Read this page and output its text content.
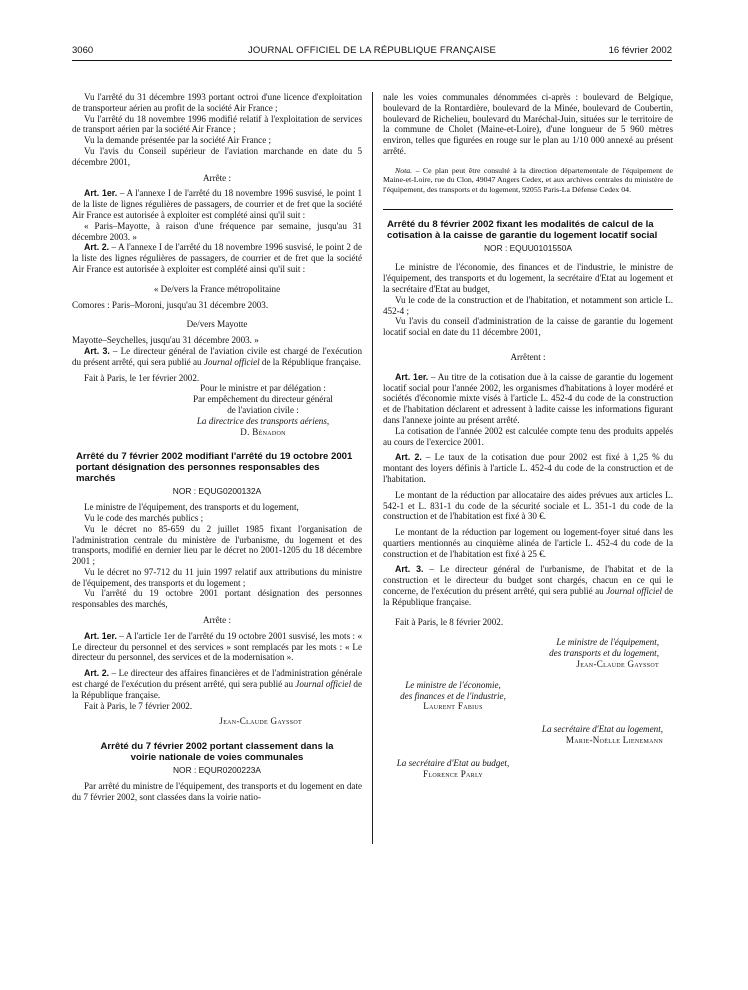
3060	JOURNAL OFFICIEL DE LA RÉPUBLIQUE FRANÇAISE	16 février 2002

Vu l'arrêté du 31 décembre 1993 portant octroi d'une licence d'exploitation de transporteur aérien au profit de la société Air France ;

Vu l'arrêté du 18 novembre 1996 modifié relatif à l'exploitation de services de transport aérien par la société Air France ;

Vu la demande présentée par la société Air France ;

Vu l'avis du Conseil supérieur de l'aviation marchande en date du 5 décembre 2001,

Arrête :

Art. 1er. – A l'annexe I de l'arrêté du 18 novembre 1996 susvisé, le point 1 de la liste de lignes régulières de passagers, de courrier et de fret que la société Air France est autorisée à exploiter est complété ainsi qu'il suit :

« Paris–Mayotte, à raison d'une fréquence par semaine, jusqu'au 31 décembre 2003. »

Art. 2. – A l'annexe I de l'arrêté du 18 novembre 1996 susvisé, le point 2 de la liste des lignes régulières de passagers, de courrier et de fret que la société Air France est autorisée à exploiter est complété ainsi qu'il suit :

« De/vers la France métropolitaine

Comores : Paris–Moroni, jusqu'au 31 décembre 2003.

De/vers Mayotte

Mayotte–Seychelles, jusqu'au 31 décembre 2003. »

Art. 3. – Le directeur général de l'aviation civile est chargé de l'exécution du présent arrêté, qui sera publié au Journal officiel de la République française.

Fait à Paris, le 1er février 2002.

Pour le ministre et par délégation :

Par empêchement du directeur général

de l'aviation civile :

La directrice des transports aériens,

D. Bénadon

Arrêté du 7 février 2002 modifiant l'arrêté du 19 octobre 2001 portant désignation des personnes responsables des marchés

NOR : EQUG0200132A

Le ministre de l'équipement, des transports et du logement,

Vu le code des marchés publics ;

Vu le décret no 85-659 du 2 juillet 1985 fixant l'organisation de l'administration centrale du ministère de l'urbanisme, du logement et des transports, modifié en dernier lieu par le décret no 2001-1205 du 18 décembre 2001 ;

Vu le décret no 97-712 du 11 juin 1997 relatif aux attributions du ministre de l'équipement, des transports et du logement ;

Vu l'arrêté du 19 octobre 2001 portant désignation des personnes responsables des marchés,

Arrête :

Art. 1er. – A l'article 1er de l'arrêté du 19 octobre 2001 susvisé, les mots : « Le directeur du personnel et des services » sont remplacés par les mots : « Le directeur du personnel, des services et de la modernisation ».

Art. 2. – Le directeur des affaires financières et de l'administration générale est chargé de l'exécution du présent arrêté, qui sera publié au Journal officiel de la République française.

Fait à Paris, le 7 février 2002.

Jean-Claude Gayssot

Arrêté du 7 février 2002 portant classement dans la voirie nationale de voies communales

NOR : EQUR0200223A

Par arrêté du ministre de l'équipement, des transports et du logement en date du 7 février 2002, sont classées dans la voirie natio-

nale les voies communales dénommées ci-après : boulevard de Belgique, boulevard de la Rontardière, boulevard de la Minée, boulevard de Coubertin, boulevard de Richelieu, boulevard du Maréchal-Juin, situées sur le territoire de la commune de Cholet (Maine-et-Loire), d'une longueur de 5 960 mètres environ, telles que figurées en rouge sur le plan au 1/10 000 annexé au présent arrêté.

Nota. – Ce plan peut être consulté à la direction départementale de l'équipement de Maine-et-Loire, rue du Clon, 49047 Angers Cedex, et aux archives centrales du ministère de l'équipement, des transports et du logement, 92055 Paris-La Défense Cedex 04.

Arrêté du 8 février 2002 fixant les modalités de calcul de la cotisation à la caisse de garantie du logement locatif social

NOR : EQUU0101550A

Le ministre de l'économie, des finances et de l'industrie, le ministre de l'équipement, des transports et du logement, la secrétaire d'Etat au logement et la secrétaire d'Etat au budget,

Vu le code de la construction et de l'habitation, et notamment son article L. 452-4 ;

Vu l'avis du conseil d'administration de la caisse de garantie du logement locatif social en date du 11 décembre 2001,

Arrêtent :

Art. 1er. – Au titre de la cotisation due à la caisse de garantie du logement locatif social pour l'année 2002, les organismes d'habitations à loyer modéré et sociétés d'économie mixte visés à l'article L. 452-4 du code de la construction et de l'habitation déclarent et adressent à ladite caisse les informations figurant dans l'annexe jointe au présent arrêté.

La cotisation de l'année 2002 est calculée compte tenu des produits appelés au cours de l'exercice 2001.

Art. 2. – Le taux de la cotisation due pour 2002 est fixé à 1,25 % du montant des loyers définis à l'article L. 452-4 du code de la construction et de l'habitation.

Le montant de la réduction par allocataire des aides prévues aux articles L. 542-1 et L. 831-1 du code de la sécurité sociale et L. 351-1 du code de la construction et de l'habitation est fixé à 30 €.

Le montant de la réduction par logement ou logement-foyer situé dans les quartiers mentionnés au cinquième alinéa de l'article L. 452-4 du code de la construction et de l'habitation est fixé à 25 €.

Art. 3. – Le directeur général de l'urbanisme, de l'habitat et de la construction et le directeur du budget sont chargés, chacun en ce qui le concerne, de l'exécution du présent arrêté, qui sera publié au Journal officiel de la République française.

Fait à Paris, le 8 février 2002.

Le ministre de l'équipement,

des transports et du logement,

Jean-Claude Gayssot

Le ministre de l'économie,

des finances et de l'industrie,

Laurent Fabius

La secrétaire d'Etat au logement,

Marie-Noëlle Lienemann

La secrétaire d'Etat au budget,

Florence Parly
